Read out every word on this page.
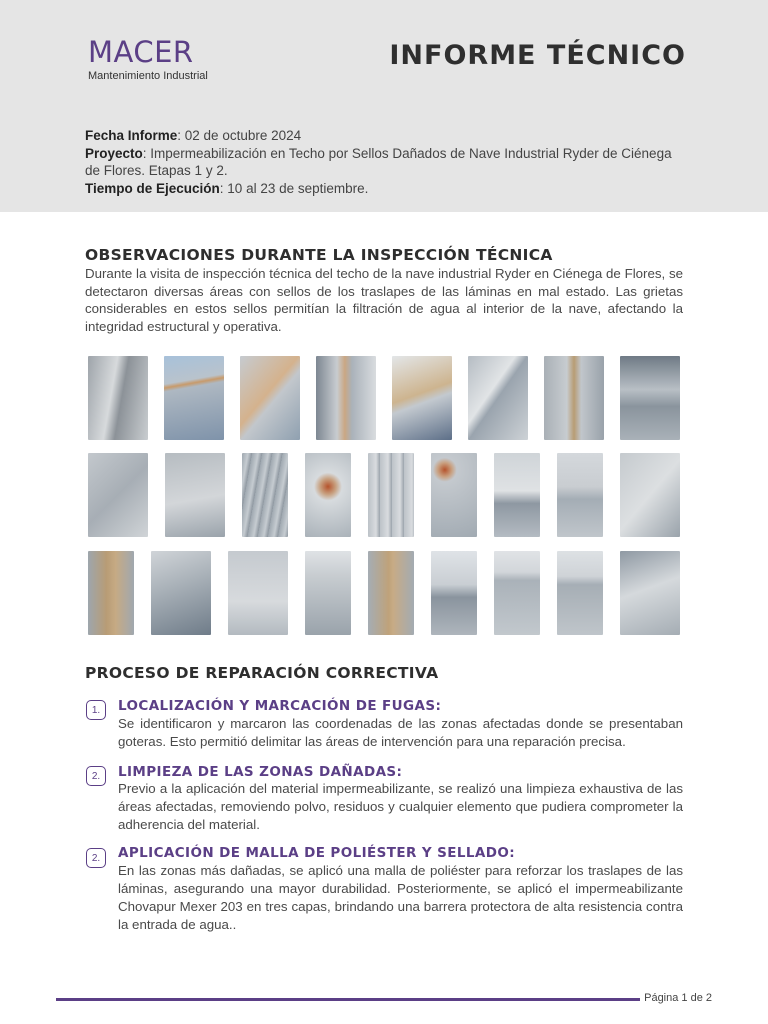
MACER
Mantenimiento Industrial
INFORME TÉCNICO
Fecha Informe: 02 de octubre 2024
Proyecto: Impermeabilización en Techo por Sellos Dañados de Nave Industrial Ryder de Ciénega de Flores. Etapas 1 y 2.
Tiempo de Ejecución: 10 al 23 de septiembre.
OBSERVACIONES DURANTE LA INSPECCIÓN TÉCNICA
Durante la visita de inspección técnica del techo de la nave industrial Ryder en Ciénega de Flores, se detectaron diversas áreas con sellos de los traslapes de las láminas en mal estado. Las grietas considerables en estos sellos permitían la filtración de agua al interior de la nave, afectando la integridad estructural y operativa.
PROCESO DE REPARACIÓN CORRECTIVA
1.	LOCALIZACIÓN Y MARCACIÓN DE FUGAS:
Se identificaron y marcaron las coordenadas de las zonas afectadas donde se presentaban goteras. Esto permitió delimitar las áreas de intervención para una reparación precisa.
2.	LIMPIEZA DE LAS ZONAS DAÑADAS:
Previo a la aplicación del material impermeabilizante, se realizó una limpieza exhaustiva de las áreas afectadas, removiendo polvo, residuos y cualquier elemento que pudiera comprometer la adherencia del material.
2.	APLICACIÓN DE MALLA DE POLIÉSTER Y SELLADO:
En las zonas más dañadas, se aplicó una malla de poliéster para reforzar los traslapes de las láminas, asegurando una mayor durabilidad. Posteriormente, se aplicó el impermeabilizante Chovapur Mexer 203 en tres capas, brindando una barrera protectora de alta resistencia contra la entrada de agua..
Página 1 de 2
